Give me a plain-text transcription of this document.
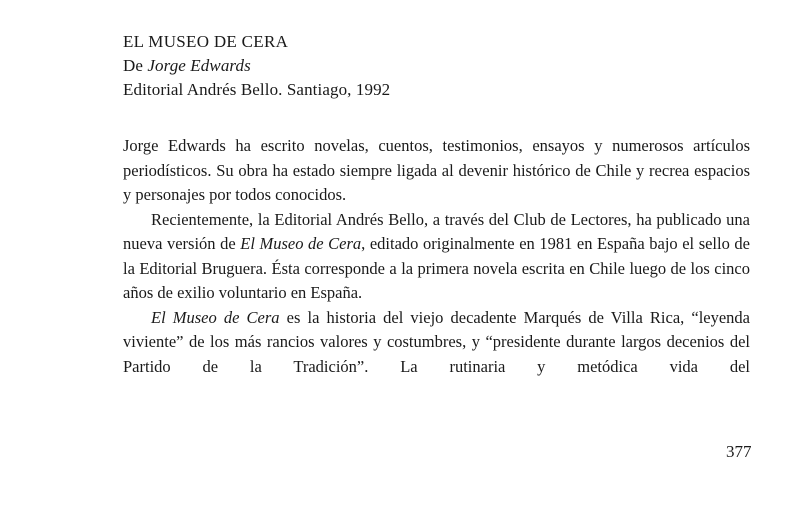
EL MUSEO DE CERA
De Jorge Edwards
Editorial Andrés Bello. Santiago, 1992

Jorge Edwards ha escrito novelas, cuentos, testimonios, ensayos y numerosos artículos periodísticos. Su obra ha estado siempre ligada al devenir histórico de Chile y recrea espacios y personajes por todos conocidos.

Recientemente, la Editorial Andrés Bello, a través del Club de Lectores, ha publicado una nueva versión de El Museo de Cera, editado originalmente en 1981 en España bajo el sello de la Editorial Bruguera. Ésta corresponde a la primera novela escrita en Chile luego de los cinco años de exilio voluntario en España.

El Museo de Cera es la historia del viejo decadente Marqués de Villa Rica, “leyenda viviente” de los más rancios valores y costumbres, y “presidente durante largos decenios del Partido de la Tradición”. La rutinaria y metódica vida del

377
